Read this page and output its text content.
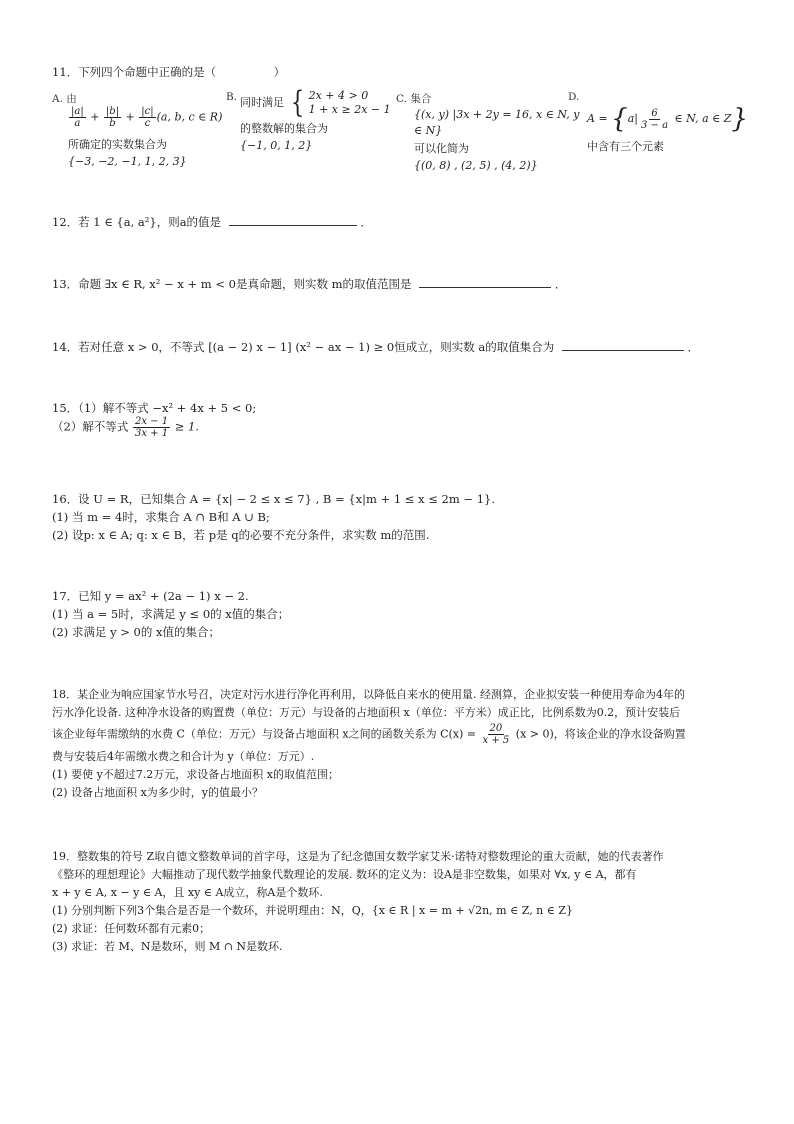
11．下列四个命题中正确的是（　　　　　）
A. 由
$\frac{|a|}{a} + \frac{|b|}{b} + \frac{|c|}{c} (a$, b, c ∈ R)
所确定的实数集合为
{−3, −2, −1, 1, 2, 3}
B. 同时满足 { 2x + 4 > 0
1 + x ≥ 2x − 1
的整数解的集合为
{−1, 0, 1, 2}
C. 集合
{(x, y) |3x + 2y = 16, x ∈ N, y
∈ N}
可以化简为
{(0, 8) , (2, 5) , (4, 2)}
D.
$A = \{a| \frac{6}{3 - a}$ ∈ N, a ∈ Z}
中含有三个元素
12．若 1 ∈ {a, a²}，则a的值是	．
13．命题 ∃x ∈ R, x² − x + m < 0是真命题，则实数 m的取值范围是	．
14．若对任意 x > 0，不等式 [(a − 2) x − 1] (x² − ax − 1) ≥ 0恒成立，则实数 a的取值集合为	．
15．（1）解不等式 −x² + 4x + 5 < 0;
（2）解不等式 $\frac{2x - 1}{3x + 1} \ge 1$.
16．设 U = R，已知集合 A = {x| − 2 ≤ x ≤ 7} , B = {x|m + 1 ≤ x ≤ 2m − 1}.
(1) 当 m = 4时，求集合 A ∩ B和 A ∪ B;
(2) 设p: x ∈ A; q: x ∈ B，若 p是 q的必要不充分条件，求实数 m的范围.
17．已知 y = ax² + (2a − 1) x − 2.
(1) 当 a = 5时，求满足 y ≤ 0的 x值的集合；
(2) 求满足 y > 0的 x值的集合；
18．某企业为响应国家节水号召，决定对污水进行净化再利用，以降低自来水的使用量. 经测算，企业拟安装一种使用寿命为4年的
污水净化设备. 这种净水设备的购置费（单位：万元）与设备的占地面积 x（单位：平方米）成正比，比例系数为0.2，预计安装后
该企业每年需缴纳的水费 C（单位：万元）与设备占地面积 x之间的函数关系为 $C(x) = \frac{20}{x + 5} (x > 0)$，将该企业的净水设备购置
费与安装后4年需缴水费之和合计为 y（单位：万元）.
(1) 要使 y不超过7.2万元，求设备占地面积 x的取值范围；
(2) 设备占地面积 x为多少时，y的值最小？
19．整数集的符号 Z取自德文整数单词的首字母，这是为了纪念德国女数学家艾米·诺特对整数理论的重大贡献，她的代表著作
《整环的理想理论》大幅推动了现代数学抽象代数理论的发展. 数环的定义为：设A是非空数集，如果对 ∀x, y ∈ A，都有
x + y ∈ A, x − y ∈ A，且 xy ∈ A成立，称A是个数环.
(1) 分别判断下列3个集合是否是一个数环，并说明理由：N，Q，{x ∈ R | x = m + √2n, m ∈ Z, n ∈ Z}
(2) 求证：任何数环都有元素0；
(3) 求证：若 M、N是数环，则 M ∩ N是数环.
